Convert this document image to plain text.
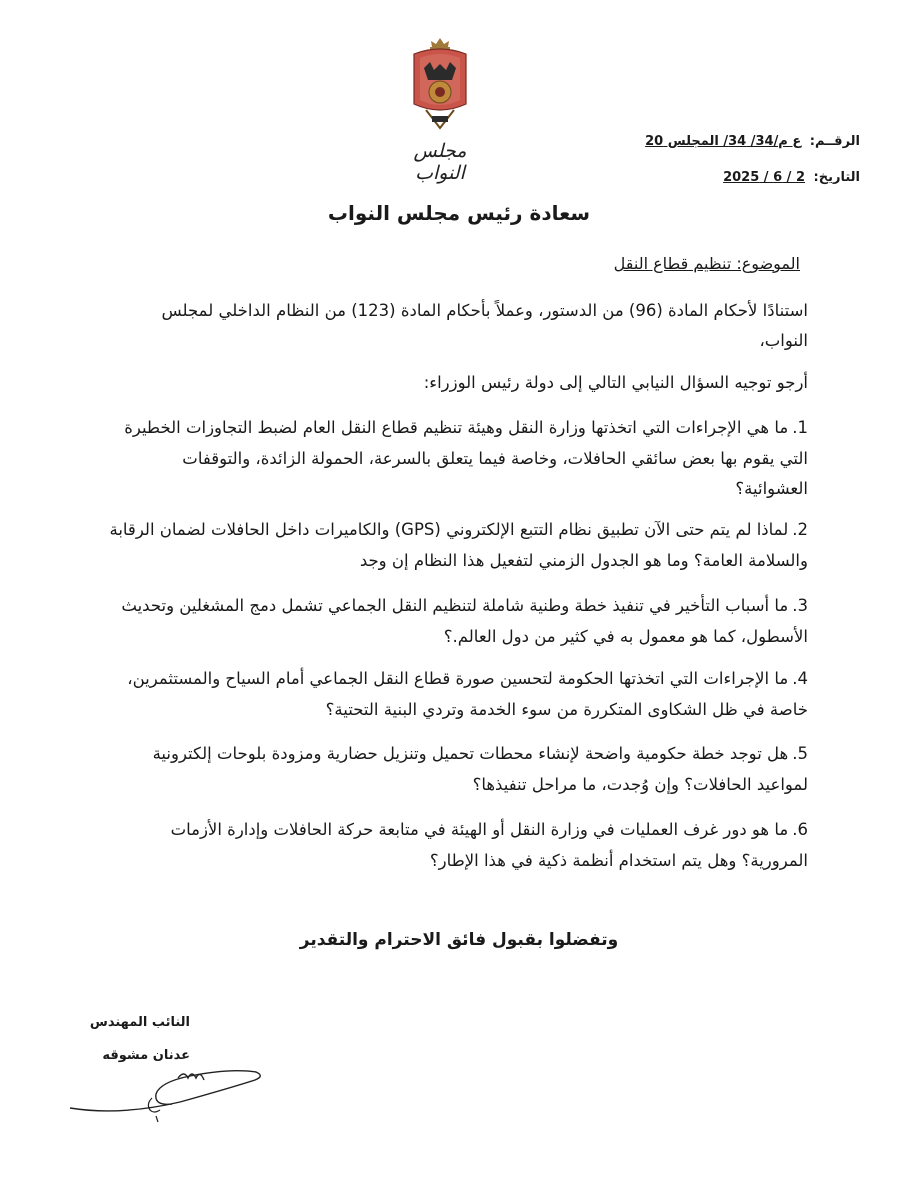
مجلس النواب
الرقــم: ع م/34/ 34/ المجلس 20
التاريخ: 2 / 6 / 2025
سعادة رئيس مجلس النواب
الموضوع: تنظيم قطاع النقل
استنادًا لأحكام المادة (96) من الدستور، وعملاً بأحكام المادة (123) من النظام الداخلي لمجلس النواب،
أرجو توجيه السؤال النيابي التالي إلى دولة رئيس الوزراء:
1.ما هي الإجراءات التي اتخذتها وزارة النقل وهيئة تنظيم قطاع النقل العام لضبط التجاوزات الخطيرة التي يقوم بها بعض سائقي الحافلات، وخاصة فيما يتعلق بالسرعة، الحمولة الزائدة، والتوقفات العشوائية؟
2.لماذا لم يتم حتى الآن تطبيق نظام التتبع الإلكتروني (GPS) والكاميرات داخل الحافلات لضمان الرقابة والسلامة العامة؟ وما هو الجدول الزمني لتفعيل هذا النظام إن وجد
3.ما أسباب التأخير في تنفيذ خطة وطنية شاملة لتنظيم النقل الجماعي تشمل دمج المشغلين وتحديث الأسطول، كما هو معمول به في كثير من دول العالم.؟
4.ما الإجراءات التي اتخذتها الحكومة لتحسين صورة قطاع النقل الجماعي أمام السياح والمستثمرين، خاصة في ظل الشكاوى المتكررة من سوء الخدمة وتردي البنية التحتية؟
5.هل توجد خطة حكومية واضحة لإنشاء محطات تحميل وتنزيل حضارية ومزودة بلوحات إلكترونية لمواعيد الحافلات؟ وإن وُجدت، ما مراحل تنفيذها؟
6.ما هو دور غرف العمليات في وزارة النقل أو الهيئة في متابعة حركة الحافلات وإدارة الأزمات المرورية؟ وهل يتم استخدام أنظمة ذكية في هذا الإطار؟
وتفضلوا بقبول فائق الاحترام والتقدير
النائب المهندس
عدنان مشوقه
